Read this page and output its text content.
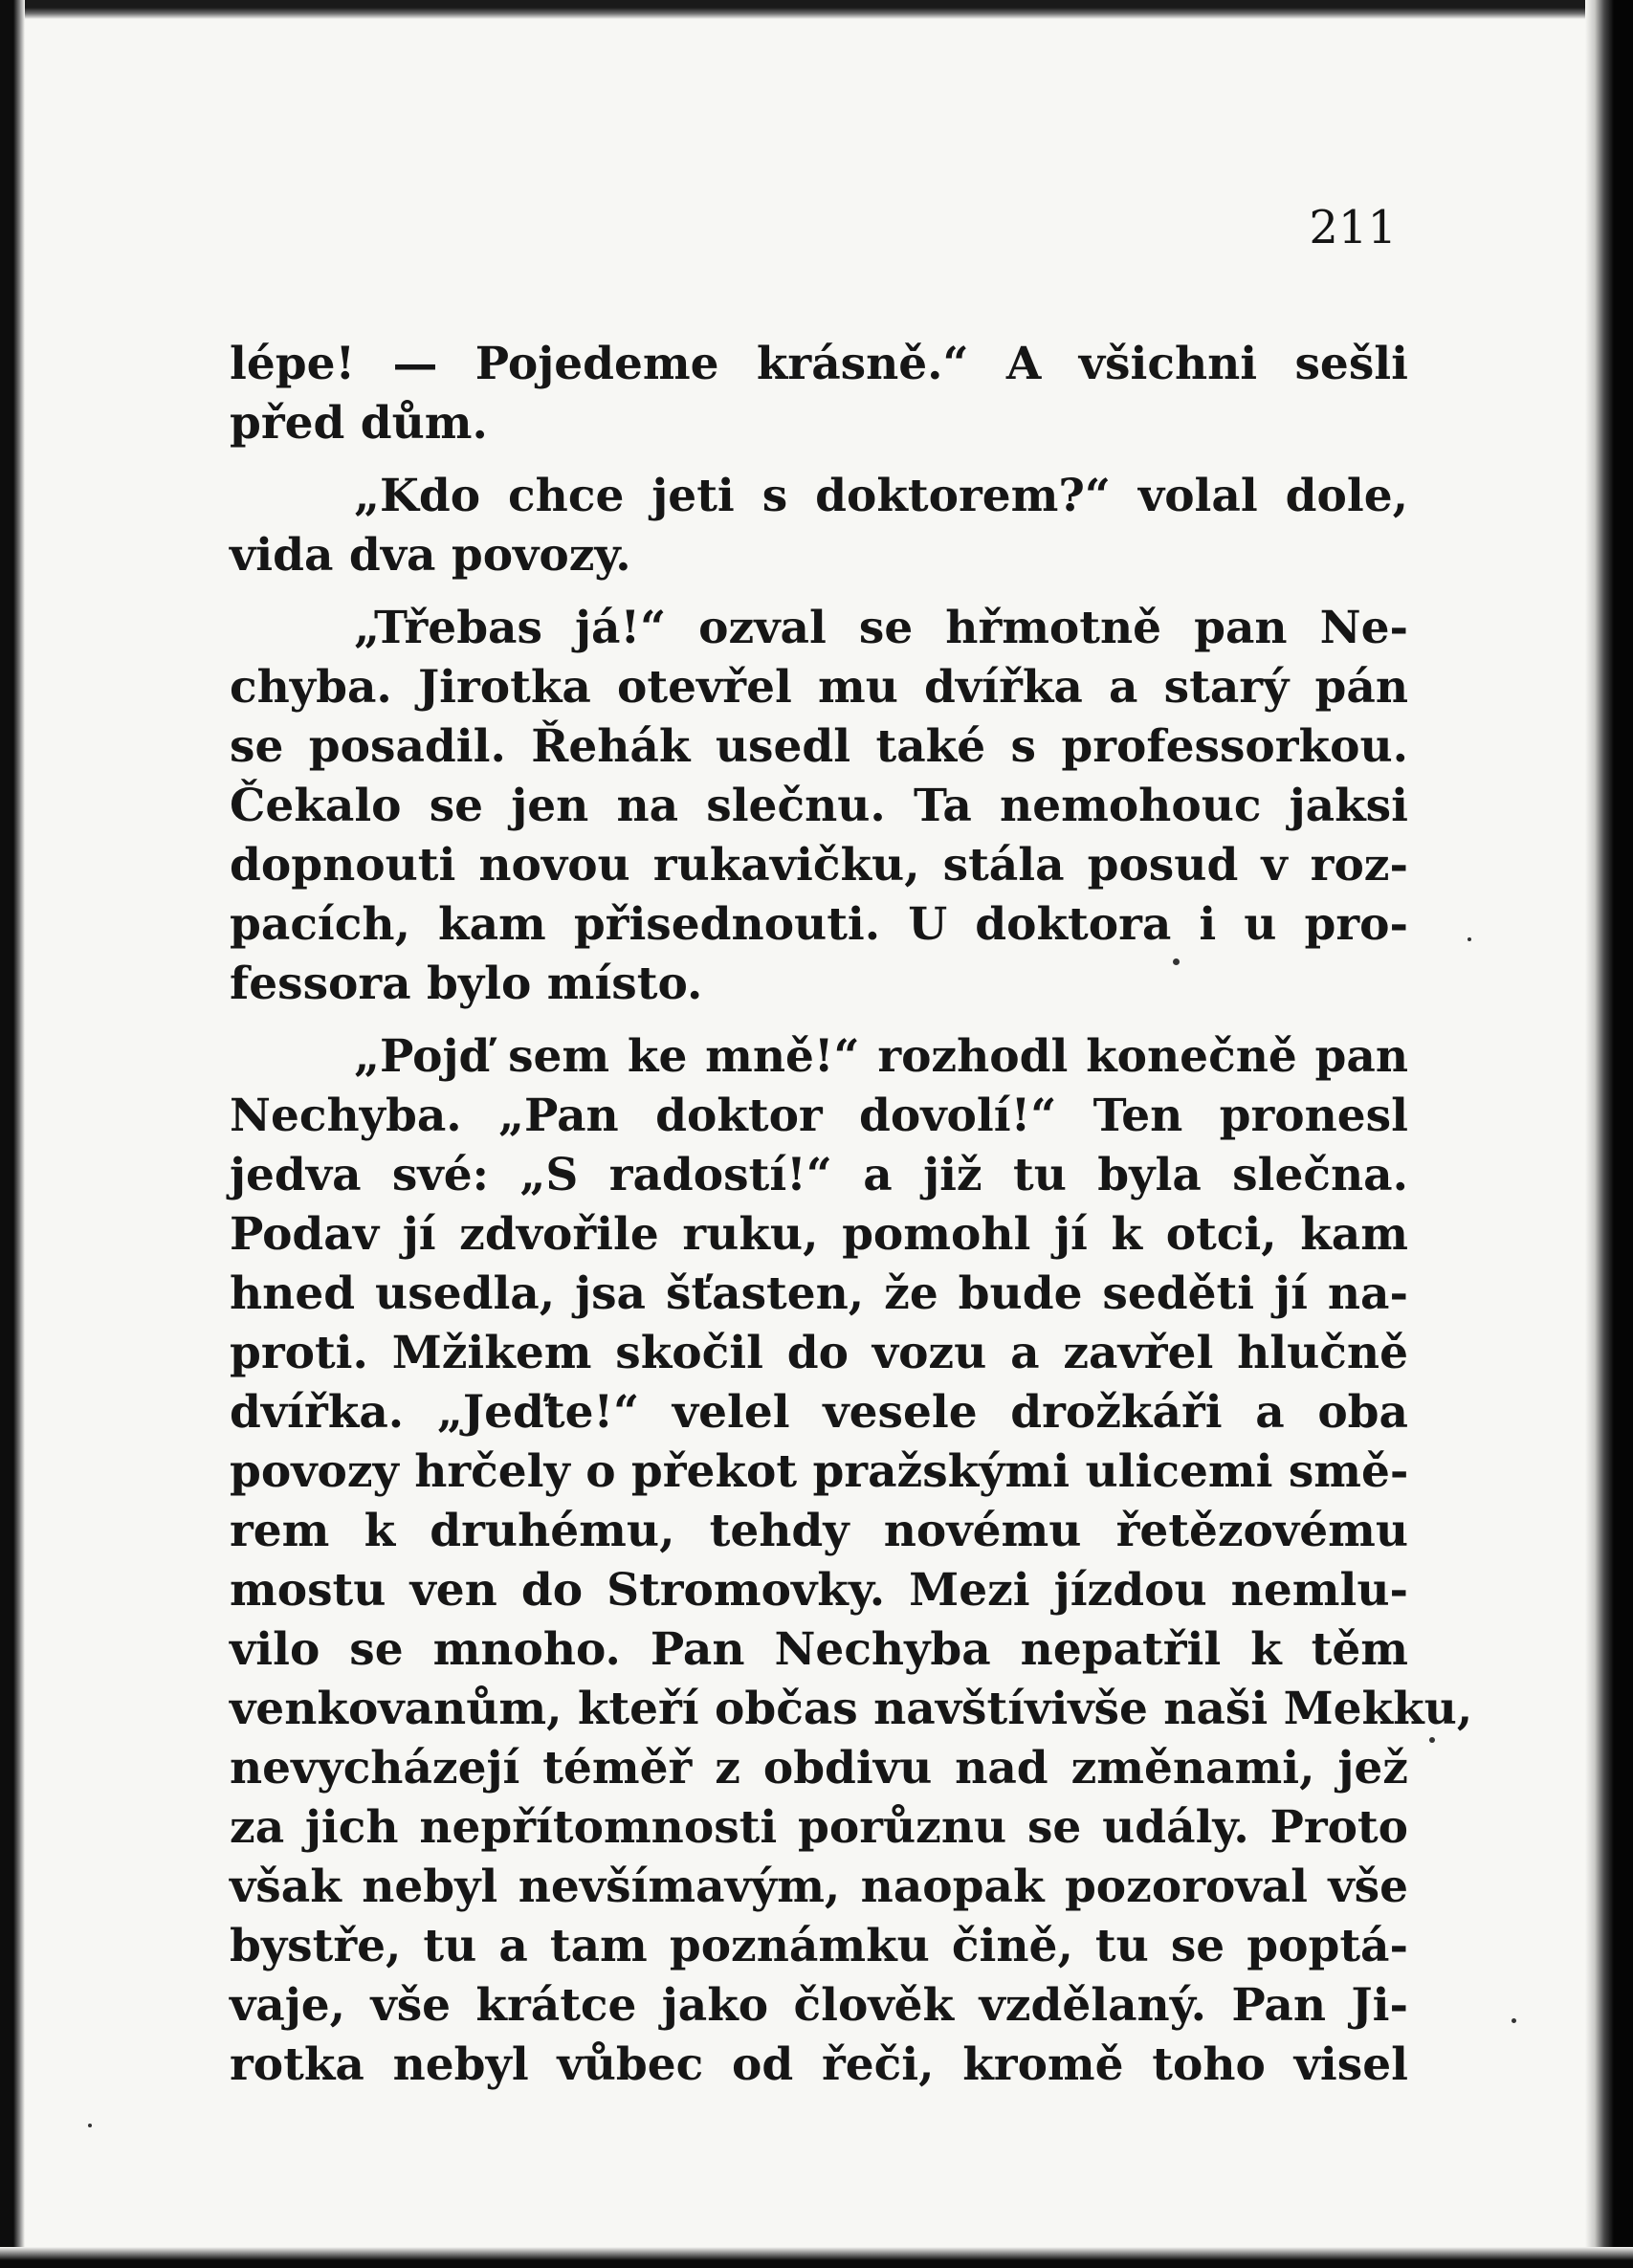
211

lépe! — Pojedeme krásně.“ A všichni sešli
před dům.

„Kdo chce jeti s doktorem?“ volal dole,
vida dva povozy.

„Třebas já!“ ozval se hřmotně pan Ne-
chyba. Jirotka otevřel mu dvířka a starý pán
se posadil. Řehák usedl také s professorkou.
Čekalo se jen na slečnu. Ta nemohouc jaksi
dopnouti novou rukavičku, stála posud v roz-
pacích, kam přisednouti. U doktora i u pro-
fessora bylo místo.

„Pojď sem ke mně!“ rozhodl konečně pan
Nechyba. „Pan doktor dovolí!“ Ten pronesl
jedva své: „S radostí!“ a již tu byla slečna.
Podav jí zdvořile ruku, pomohl jí k otci, kam
hned usedla, jsa šťasten, že bude seděti jí na-
proti. Mžikem skočil do vozu a zavřel hlučně
dvířka. „Jeďte!“ velel vesele drožkáři a oba
povozy hrčely o překot pražskými ulicemi smě-
rem k druhému, tehdy novému řetězovému
mostu ven do Stromovky. Mezi jízdou nemlu-
vilo se mnoho. Pan Nechyba nepatřil k těm
venkovanům, kteří občas navštívivše naši Mekku,
nevycházejí téměř z obdivu nad změnami, jež
za jich nepřítomnosti porůznu se udály. Proto
však nebyl nevšímavým, naopak pozoroval vše
bystře, tu a tam poznámku čině, tu se poptá-
vaje, vše krátce jako člověk vzdělaný. Pan Ji-
rotka nebyl vůbec od řeči, kromě toho visel
